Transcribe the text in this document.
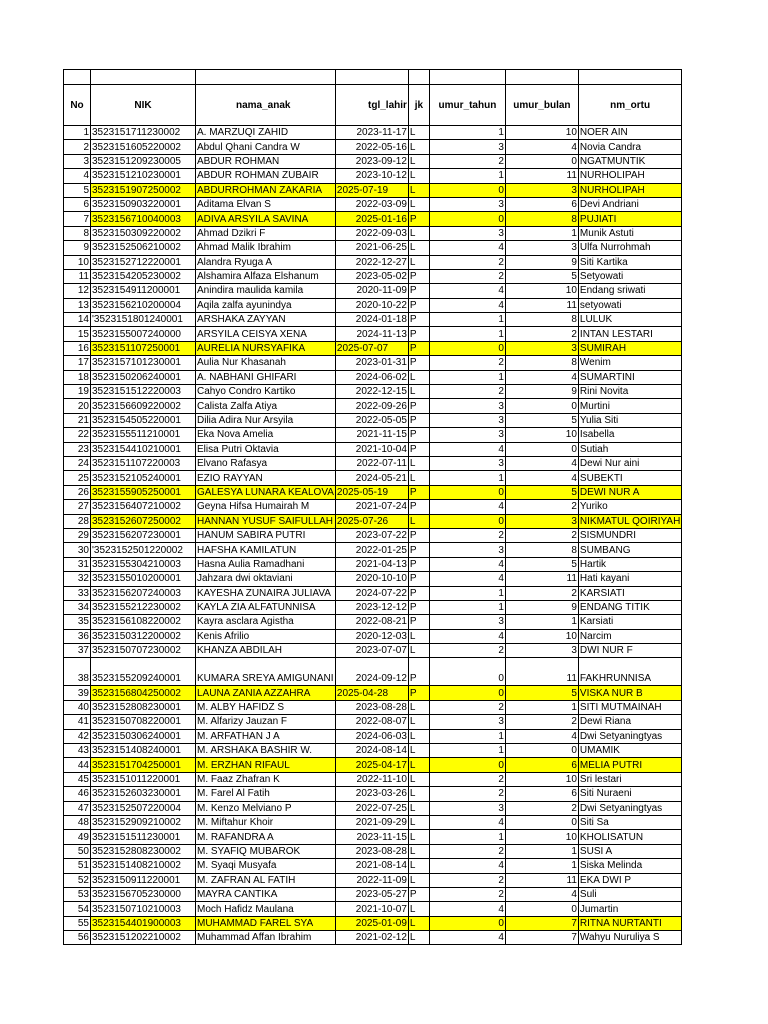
No	NIK	nama_anak	tgl_lahir	jk	umur_tahun	umur_bulan	nm_ortu
1	3523151711230002	A. MARZUQI ZAHID	2023-11-17	L	1	10	NOER AIN
2	3523151605220002	Abdul Qhani Candra W	2022-05-16	L	3	4	Novia Candra
3	3523151209230005	ABDUR ROHMAN	2023-09-12	L	2	0	NGATMUNTIK
4	3523151210230001	ABDUR ROHMAN ZUBAIR	2023-10-12	L	1	11	NURHOLIPAH
5	3523151907250002	ABDURROHMAN ZAKARIA	2025-07-19	L	0	3	NURHOLIPAH
6	3523150903220001	Aditama Elvan S	2022-03-09	L	3	6	Devi Andriani
7	3523156710040003	ADIVA ARSYILA SAVINA	2025-01-16	P	0	8	PUJIATI
8	3523150309220002	Ahmad Dzikri F	2022-09-03	L	3	1	Munik Astuti
9	3523152506210002	Ahmad Malik Ibrahim	2021-06-25	L	4	3	Ulfa Nurrohmah
10	3523152712220001	Alandra Ryuga A	2022-12-27	L	2	9	Siti Kartika
11	3523154205230002	Alshamira Alfaza Elshanum	2023-05-02	P	2	5	Setyowati
12	3523154911200001	Anindira maulida kamila	2020-11-09	P	4	10	Endang sriwati
13	3523156210200004	Aqila zalfa ayunindya	2020-10-22	P	4	11	setyowati
14	'3523151801240001	ARSHAKA ZAYYAN	2024-01-18	P	1	8	LULUK
15	3523155007240000	ARSYILA CEISYA XENA	2024-11-13	P	1	2	INTAN LESTARI
16	3523151107250001	AURELIA NURSYAFIKA	2025-07-07	P	0	3	SUMIRAH
17	3523157101230001	Aulia Nur Khasanah	2023-01-31	P	2	8	Wenim
18	3523150206240001	A. NABHANI GHIFARI	2024-06-02	L	1	4	SUMARTINI
19	3523151512220003	Cahyo Condro Kartiko	2022-12-15	L	2	9	Rini Novita
20	3523156609220002	Calista Zalfa Atiya	2022-09-26	P	3	0	Murtini
21	3523154505220001	Dilia Adira Nur Arsyila	2022-05-05	P	3	5	Yulia Siti
22	3523155511210001	Eka Nova Amelia	2021-11-15	P	3	10	Isabella
23	3523154410210001	Elisa Putri Oktavia	2021-10-04	P	4	0	Sutiah
24	3523151107220003	Elvano Rafasya	2022-07-11	L	3	4	Dewi Nur aini
25	3523152105240001	EZIO RAYYAN	2024-05-21	L	1	4	SUBEKTI
26	3523155905250001	GALESYA LUNARA KEALOVA	2025-05-19	P	0	5	DEWI NUR A
27	3523156407210002	Geyna Hifsa Humairah M	2021-07-24	P	4	2	Yuriko
28	3523152607250002	HANNAN YUSUF SAIFULLAH	2025-07-26	L	0	3	NIKMATUL QOIRIYAH
29	3523156207230001	HANUM SABIRA PUTRI	2023-07-22	P	2	2	SISMUNDRI
30	'3523152501220002	HAFSHA KAMILATUN	2022-01-25	P	3	8	SUMBANG
31	3523155304210003	Hasna Aulia Ramadhani	2021-04-13	P	4	5	Hartik
32	3523155010200001	Jahzara dwi oktaviani	2020-10-10	P	4	11	Hati kayani
33	3523156207240003	KAYESHA ZUNAIRA JULIAVA	2024-07-22	P	1	2	KARSIATI
34	3523155212230002	KAYLA ZIA ALFATUNNISA	2023-12-12	P	1	9	ENDANG TITIK
35	3523156108220002	Kayra asclara Agistha	2022-08-21	P	3	1	Karsiati
36	3523150312200002	Kenis Afrilio	2020-12-03	L	4	10	Narcim
37	3523150707230002	KHANZA ABDILAH	2023-07-07	L	2	3	DWI NUR F
38	3523155209240001	KUMARA SREYA AMIGUNANI	2024-09-12	P	0	11	FAKHRUNNISA
39	3523156804250002	LAUNA ZANIA AZZAHRA	2025-04-28	P	0	5	VISKA NUR B
40	3523152808230001	M. ALBY HAFIDZ S	2023-08-28	L	2	1	SITI MUTMAINAH
41	3523150708220001	M. Alfarizy Jauzan F	2022-08-07	L	3	2	Dewi Riana
42	3523150306240001	M. ARFATHAN J A	2024-06-03	L	1	4	Dwi Setyaningtyas
43	3523151408240001	M. ARSHAKA BASHIR W.	2024-08-14	L	1	0	UMAMIK
44	3523151704250001	M. ERZHAN RIFAUL	2025-04-17	L	0	6	MELIA PUTRI
45	3523151011220001	M. Faaz Zhafran K	2022-11-10	L	2	10	Sri lestari
46	3523152603230001	M. Farel Al Fatih	2023-03-26	L	2	6	Siti Nuraeni
47	3523152507220004	M. Kenzo Melviano P	2022-07-25	L	3	2	Dwi Setyaningtyas
48	3523152909210002	M. Miftahur Khoir	2021-09-29	L	4	0	Siti Sa
49	3523151511230001	M. RAFANDRA A	2023-11-15	L	1	10	KHOLISATUN
50	3523152808230002	M. SYAFIQ MUBAROK	2023-08-28	L	2	1	SUSI A
51	3523151408210002	M. Syaqi Musyafa	2021-08-14	L	4	1	Siska Melinda
52	3523150911220001	M. ZAFRAN AL FATIH	2022-11-09	L	2	11	EKA DWI P
53	3523156705230000	MAYRA CANTIKA	2023-05-27	P	2	4	Suli
54	3523150710210003	Moch Hafidz Maulana	2021-10-07	L	4	0	Jumartin
55	3523154401900003	MUHAMMAD FAREL SYA	2025-01-09	L	0	7	RITNA NURTANTI
56	3523151202210002	Muhammad Affan Ibrahim	2021-02-12	L	4	7	Wahyu Nuruliya S
